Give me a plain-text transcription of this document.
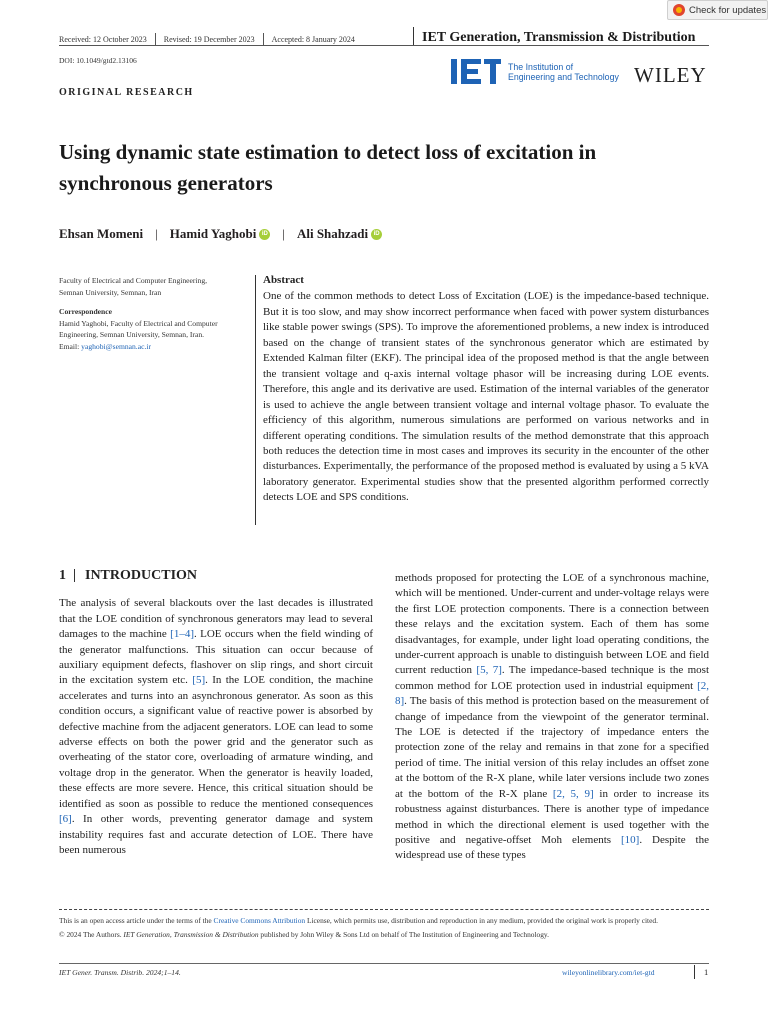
Check for updates
Received: 12 October 2023 Revised: 19 December 2023 Accepted: 8 January 2024	IET Generation, Transmission & Distribution
DOI: 10.1049/gtd2.13106
The Institution of
Engineering and Technology WILEY
ORIGINAL RESEARCH
Using dynamic state estimation to detect loss of excitation in
synchronous generators
Ehsan Momeni | Hamid Yaghobi iD | Ali Shahzadi iD
Faculty of Electrical and Computer Engineering,
Semnan University, Semnan, Iran
Correspondence
Hamid Yaghobi, Faculty of Electrical and Computer
Engineering, Semnan University, Semnan, Iran.
Email: yaghobi@semnan.ac.ir
Abstract
One of the common methods to detect Loss of Excitation (LOE) is the impedance-based technique. But it is too slow, and may show incorrect performance when faced with power system disturbances like stable power swings (SPS). To improve the aforementioned problems, a new index is introduced based on the change of transient states of the synchronous generator which are estimated by Extended Kalman filter (EKF). The principal idea of the proposed method is that the angle between the transient voltage and q-axis internal voltage phasor will be increasing during LOE events. Therefore, this angle and its derivative are used. Estimation of the internal variables of the generator is used to achieve the angle between transient voltage and internal voltage phasor. To evaluate the efficiency of this algorithm, numerous simulations are performed on various networks and in different operating conditions. The simulation results of the method demonstrate that this approach both reduces the detection time in most cases and improves its security in the encounter of the other disturbances. Experimentally, the performance of the proposed method is evaluated by using a 5 kVA laboratory generator. Experimental studies show that the presented algorithm performed correctly detects LOE and SPS conditions.
1 INTRODUCTION

The analysis of several blackouts over the last decades is illustrated that the LOE condition of synchronous generators may lead to several damages to the machine [1–4]. LOE occurs when the field winding of the generator malfunctions. This situation can occur because of auxiliary equipment defects, flashover on slip rings, and short circuit in the excitation system etc. [5]. In the LOE condition, the machine accelerates and turns into an asynchronous generator. As soon as this condition occurs, a significant value of reactive power is absorbed by defective machine from the adjacent generators. LOE can lead to some adverse effects on both the power grid and the generator such as overheating of the stator core, overloading of armature winding, and voltage drop in the generator. When the generator is heavily loaded, these effects are more severe. Hence, this critical situation should be identified as soon as possible to reduce the mentioned consequences [6]. In other words, preventing generator damage and system instability requires fast and accurate detection of LOE. There have been numerous

methods proposed for protecting the LOE of a synchronous machine, which will be mentioned. Under-current and under-voltage relays were the first LOE protection components. There is a connection between these relays and the excitation system. Each of them has some disadvantages, for example, under light load operating conditions, the under-current approach is unable to distinguish between LOE and field current reduction [5, 7]. The impedance-based technique is the most common method for LOE protection used in industrial equipment [2, 8]. The basis of this method is protection based on the measurement of change of impedance from the viewpoint of the generator terminal. The LOE is detected if the trajectory of impedance enters the protection zone of the relay and remains in that zone for a specified period of time. The initial version of this relay includes an offset zone at the bottom of the R-X plane, while later versions include two zones at the bottom of the R-X plane [2, 5, 9] in order to increase its robustness against disturbances. There is another type of impedance method in which the directional element is used together with the positive and negative-offset Moh elements [10]. Despite the widespread use of these types

This is an open access article under the terms of the Creative Commons Attribution License, which permits use, distribution and reproduction in any medium, provided the original work is properly cited.
© 2024 The Authors. IET Generation, Transmission & Distribution published by John Wiley & Sons Ltd on behalf of The Institution of Engineering and Technology.
IET Gener. Transm. Distrib. 2024;1–14.	wileyonlinelibrary.com/iet-gtd	1
